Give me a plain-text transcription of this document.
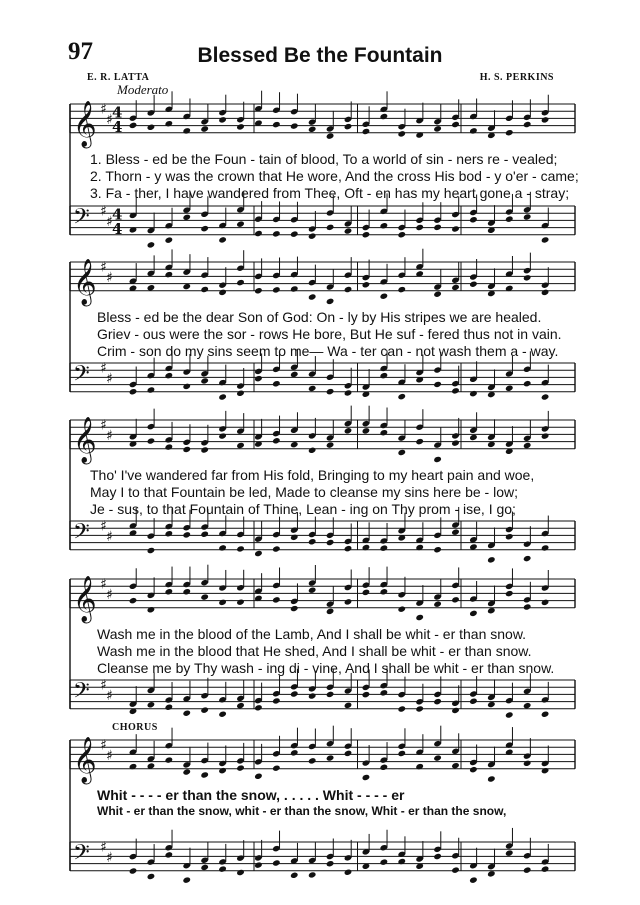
97	Blessed Be the Fountain
E. R. LATTA	H. S. PERKINS
Moderato
CHORUS
𝄞 ♯
♯ 4
4
𝄢 ♯
♯ 4
4
𝄞 ♯
♯
𝄢 ♯
♯
𝄞 ♯
♯
𝄢 ♯
♯
𝄞 ♯
♯
𝄢 ♯
♯
𝄞 ♯
♯
𝄢 ♯
♯
1. Bless - ed be the Foun - tain of blood, To a world of sin - ners re - vealed;
2. Thorn - y was the crown that He wore, And the cross His bod - y o'er - came;
3. Fa - ther, I have wandered from Thee, Oft - en has my heart gone a - stray;
Bless - ed be the dear Son of God: On - ly by His stripes we are healed.
Griev - ous were the sor - rows He bore, But He suf - fered thus not in vain.
Crim - son do my sins seem to me— Wa - ter can - not wash them a - way.
Tho' I've wandered far from His fold, Bringing to my heart pain and woe,
May I to that Fountain be led, Made to cleanse my sins here be - low;
Je - sus, to that Fountain of Thine, Lean - ing on Thy prom - ise, I go;
Wash me in the blood of the Lamb, And I shall be whit - er than snow.
Wash me in the blood that He shed, And I shall be whit - er than snow.
Cleanse me by Thy wash - ing di - vine, And I shall be whit - er than snow.
Whit - - - - er than the snow, . . . . . Whit - - - - er
Whit - er than the snow, whit - er than the snow, Whit - er than the snow,
